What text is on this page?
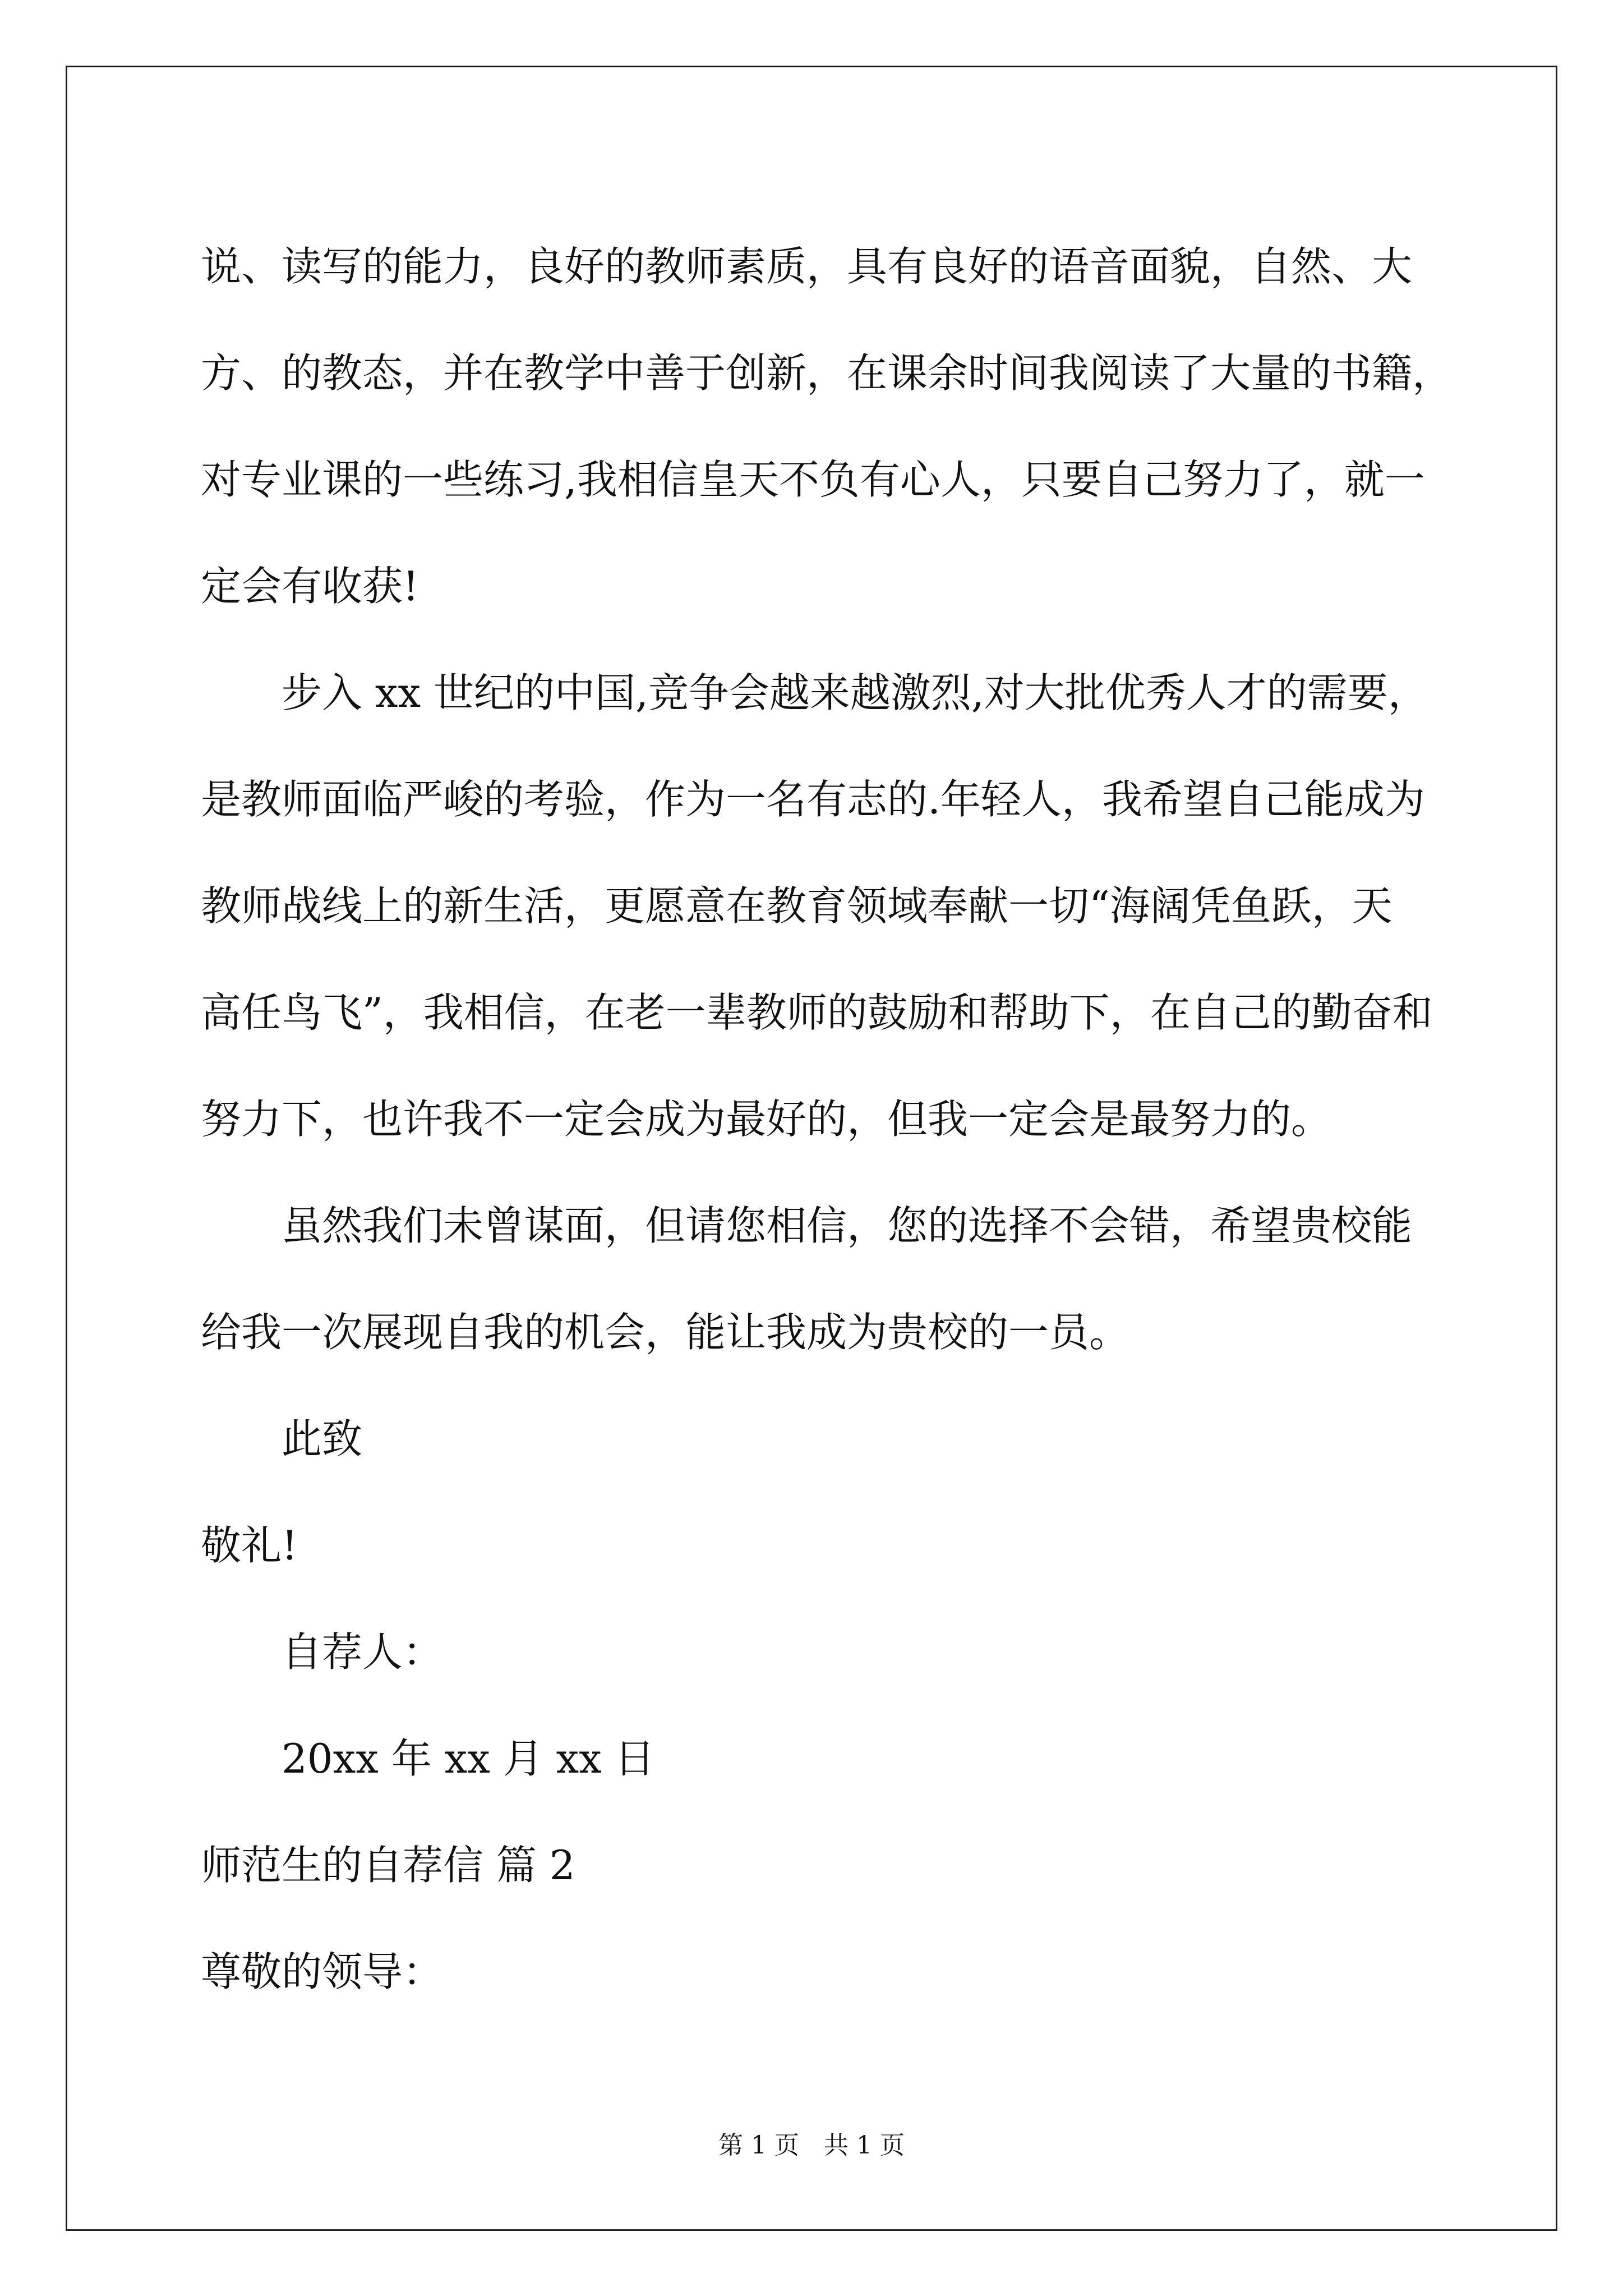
说、读写的能力，良好的教师素质，具有良好的语音面貌，自然、大
方、的教态，并在教学中善于创新，在课余时间我阅读了大量的书籍，
对专业课的一些练习,我相信皇天不负有心人，只要自己努力了，就一
定会有收获!
步入 xx 世纪的中国,竞争会越来越激烈,对大批优秀人才的需要，
是教师面临严峻的考验，作为一名有志的.年轻人，我希望自己能成为
教师战线上的新生活，更愿意在教育领域奉献一切“海阔凭鱼跃，天
高任鸟飞”，我相信，在老一辈教师的鼓励和帮助下，在自己的勤奋和
努力下，也许我不一定会成为最好的，但我一定会是最努力的。
虽然我们未曾谋面，但请您相信，您的选择不会错，希望贵校能
给我一次展现自我的机会，能让我成为贵校的一员。
此致
敬礼!
自荐人：
20xx 年 xx 月 xx 日
师范生的自荐信 篇 2
尊敬的领导：
第 1 页　共 1 页
